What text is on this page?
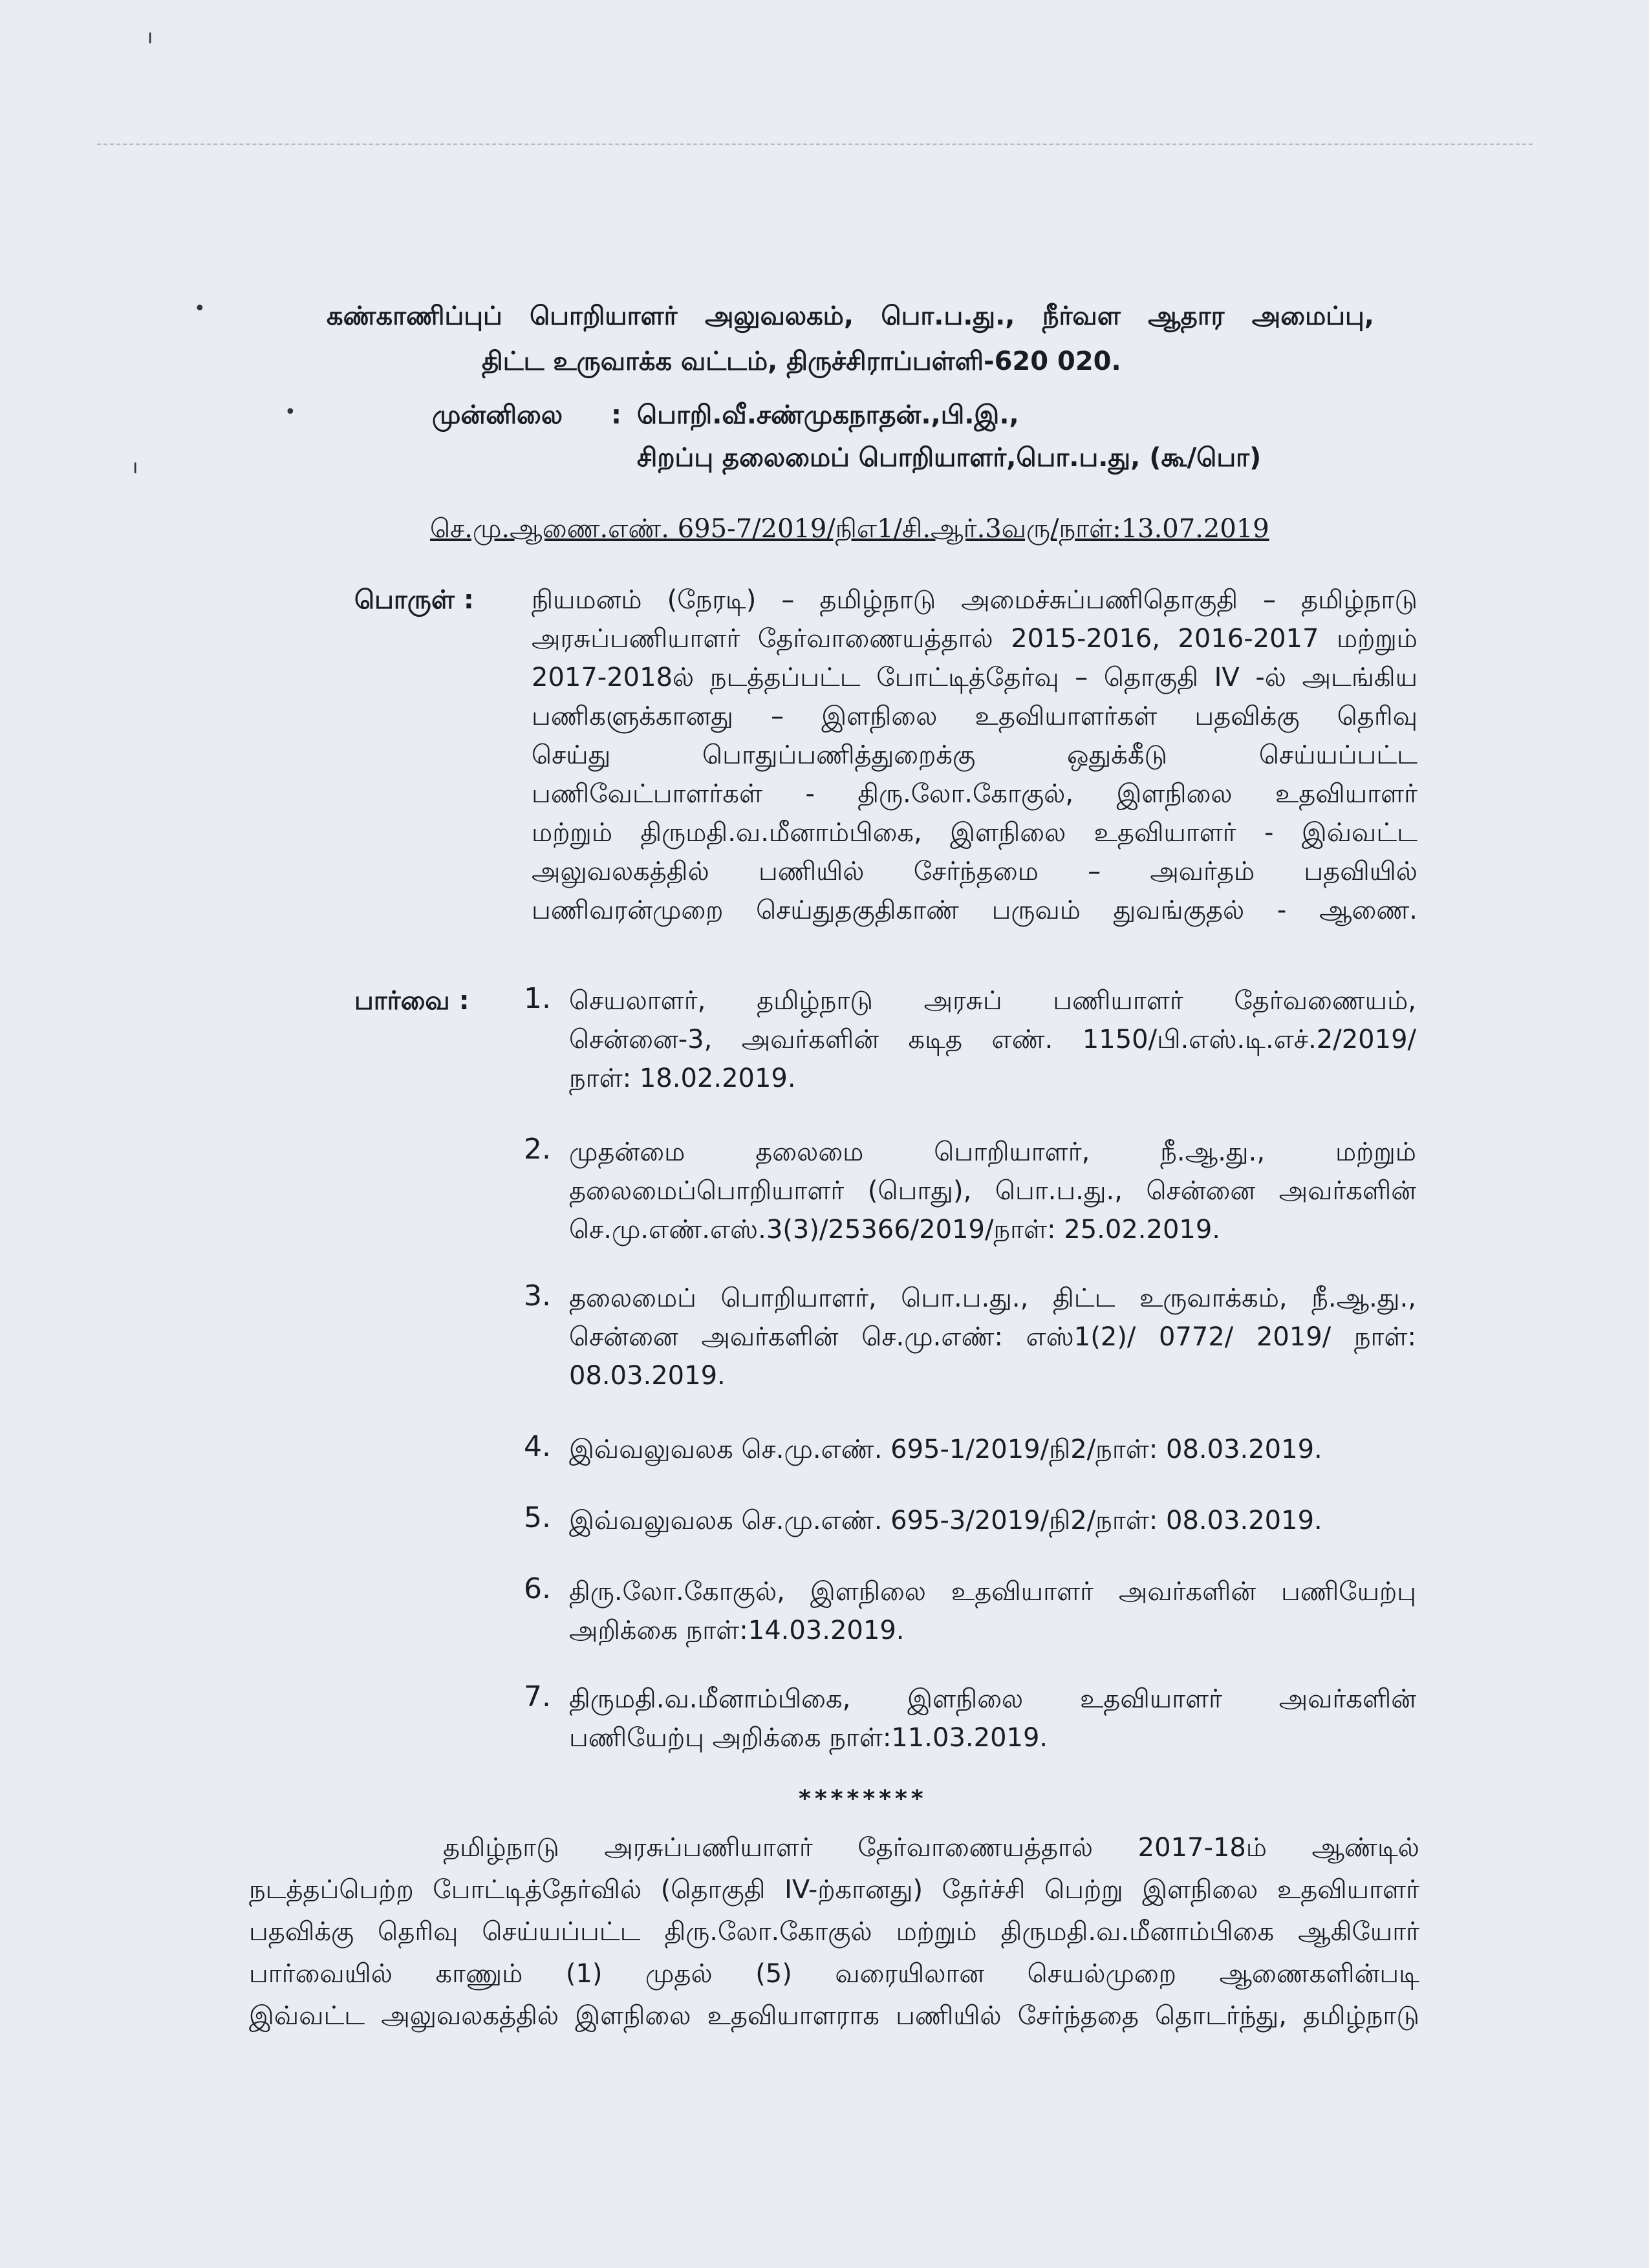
ı
•
•
ı
கண்காணிப்புப் பொறியாளர் அலுவலகம், பொ.ப.து., நீர்வள ஆதார அமைப்பு,
திட்ட உருவாக்க வட்டம், திருச்சிராப்பள்ளி-620 020.
முன்னிலை : பொறி.வீ.சண்முகநாதன்.,பி.இ.,
சிறப்பு தலைமைப் பொறியாளர்,பொ.ப.து, (கூ/பொ)
செ.மு.ஆணை.எண். 695-7/2019/நிஎ1/சி.ஆர்.3வரு/நாள்:13.07.2019
பொருள் : நியமனம் (நேரடி) – தமிழ்நாடு அமைச்சுப்பணிதொகுதி – தமிழ்நாடு
அரசுப்பணியாளர் தேர்வாணையத்தால் 2015-2016, 2016-2017 மற்றும்
2017-2018ல் நடத்தப்பட்ட போட்டித்தேர்வு – தொகுதி IV -ல் அடங்கிய
பணிகளுக்கானது – இளநிலை உதவியாளர்கள் பதவிக்கு தெரிவு
செய்து பொதுப்பணித்துறைக்கு ஒதுக்கீடு செய்யப்பட்ட
பணிவேட்பாளர்கள் - திரு.லோ.கோகுல், இளநிலை உதவியாளர்
மற்றும் திருமதி.வ.மீனாம்பிகை, இளநிலை உதவியாளர் - இவ்வட்ட
அலுவலகத்தில் பணியில் சேர்ந்தமை – அவர்தம் பதவியில்
பணிவரன்முறை செய்துதகுதிகாண் பருவம் துவங்குதல் - ஆணை.
பார்வை : 1. செயலாளர், தமிழ்நாடு அரசுப் பணியாளர் தேர்வணையம்,
சென்னை-3, அவர்களின் கடித எண். 1150/பி.எஸ்.டி.எச்.2/2019/
நாள்: 18.02.2019.
2. முதன்மை தலைமை பொறியாளர், நீ.ஆ.து., மற்றும்
தலைமைப்பொறியாளர் (பொது), பொ.ப.து., சென்னை அவர்களின்
செ.மு.எண்.எஸ்.3(3)/25366/2019/நாள்: 25.02.2019.
3. தலைமைப் பொறியாளர், பொ.ப.து., திட்ட உருவாக்கம், நீ.ஆ.து.,
சென்னை அவர்களின் செ.மு.எண்: எஸ்1(2)/ 0772/ 2019/ நாள்:
08.03.2019.
4. இவ்வலுவலக செ.மு.எண். 695-1/2019/நி2/நாள்: 08.03.2019.
5. இவ்வலுவலக செ.மு.எண். 695-3/2019/நி2/நாள்: 08.03.2019.
6. திரு.லோ.கோகுல், இளநிலை உதவியாளர் அவர்களின் பணியேற்பு
அறிக்கை நாள்:14.03.2019.
7. திருமதி.வ.மீனாம்பிகை, இளநிலை உதவியாளர் அவர்களின்
பணியேற்பு அறிக்கை நாள்:11.03.2019.
********
தமிழ்நாடு அரசுப்பணியாளர் தேர்வாணையத்தால் 2017-18ம் ஆண்டில்
நடத்தப்பெற்ற போட்டித்தேர்வில் (தொகுதி IV-ற்கானது) தேர்ச்சி பெற்று இளநிலை உதவியாளர்
பதவிக்கு தெரிவு செய்யப்பட்ட திரு.லோ.கோகுல் மற்றும் திருமதி.வ.மீனாம்பிகை ஆகியோர்
பார்வையில் காணும் (1) முதல் (5) வரையிலான செயல்முறை ஆணைகளின்படி
இவ்வட்ட அலுவலகத்தில் இளநிலை உதவியாளராக பணியில் சேர்ந்ததை தொடர்ந்து, தமிழ்நாடு
